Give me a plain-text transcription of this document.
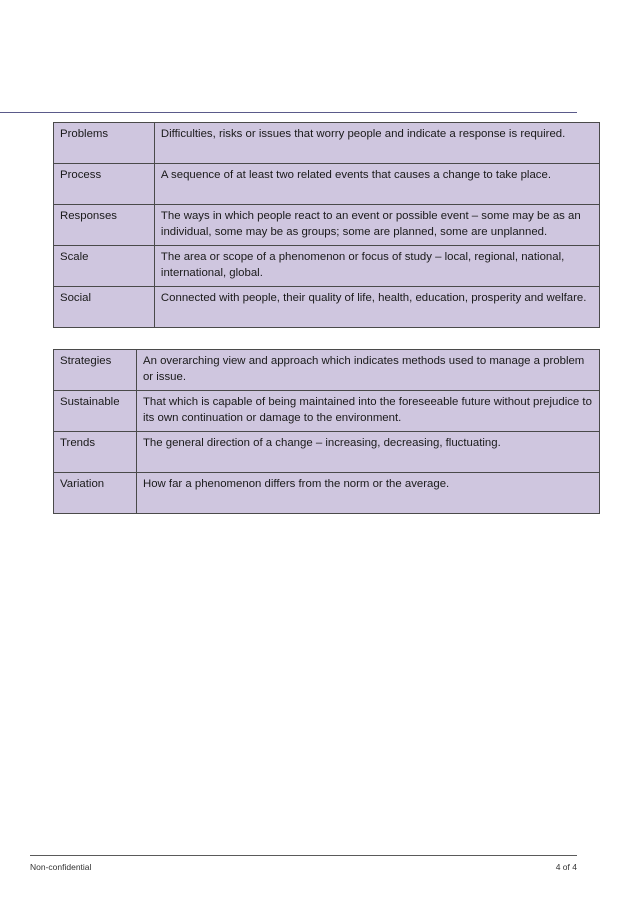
Problems	Difficulties, risks or issues that worry people and indicate a response is required.
Process	A sequence of at least two related events that causes a change to take place.
Responses	The ways in which people react to an event or possible event – some may be as an individual, some may be as groups; some are planned, some are unplanned.
Scale	The area or scope of a phenomenon or focus of study – local, regional, national, international, global.
Social	Connected with people, their quality of life, health, education, prosperity and welfare.
Strategies	An overarching view and approach which indicates methods used to manage a problem or issue.
Sustainable	That which is capable of being maintained into the foreseeable future without prejudice to its own continuation or damage to the environment.
Trends	The general direction of a change – increasing, decreasing, fluctuating.
Variation	How far a phenomenon differs from the norm or the average.
Non-confidential	4 of 4
